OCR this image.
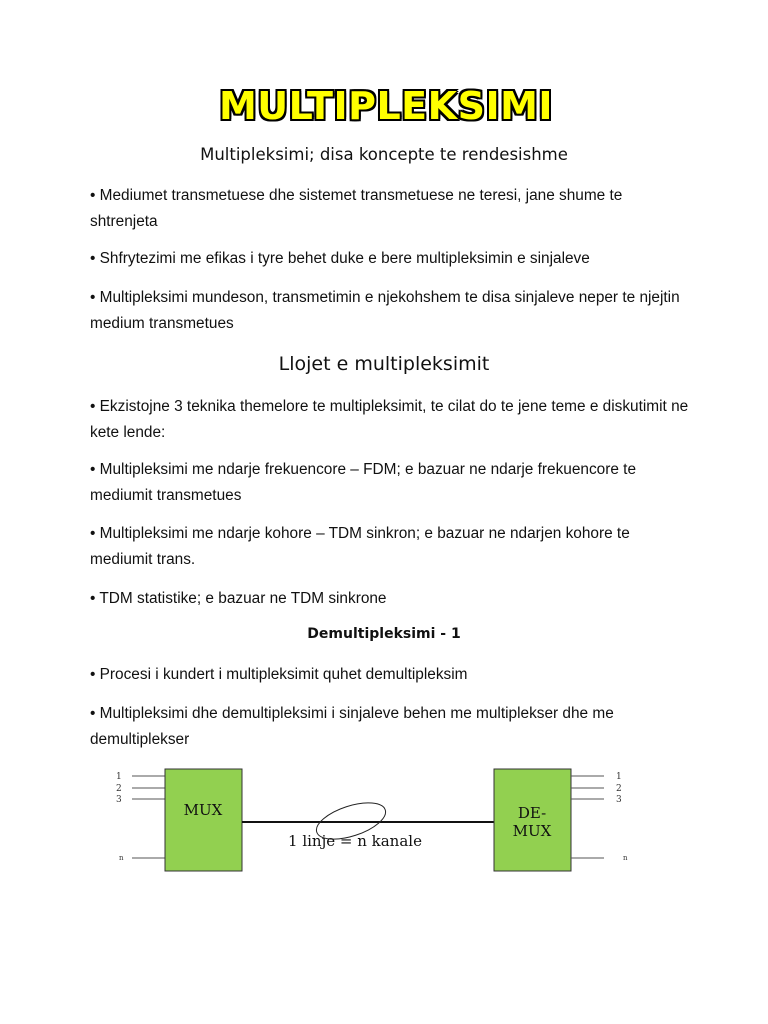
MULTIPLEKSIMI
Multipleksimi; disa koncepte te rendesishme
• Mediumet transmetuese dhe sistemet transmetuese ne teresi, jane shume te shtrenjeta
• Shfrytezimi me efikas i tyre behet duke e bere multipleksimin e sinjaleve
• Multipleksimi mundeson, transmetimin e njekohshem te disa sinjaleve neper te njejtin medium transmetues
Llojet e multipleksimit
• Ekzistojne 3 teknika themelore te multipleksimit, te cilat do te jene teme e diskutimit ne kete lende:
• Multipleksimi me ndarje frekuencore – FDM; e bazuar ne ndarje frekuencore te mediumit transmetues
• Multipleksimi me ndarje kohore – TDM sinkron; e bazuar ne ndarjen kohore te mediumit trans.
• TDM statistike; e bazuar ne TDM sinkrone
Demultipleksimi - 1
• Procesi i kundert i multipleksimit quhet demultipleksim
• Multipleksimi dhe demultipleksimi i sinjaleve behen me multiplekser dhe me demultiplekser
1
2
3
n
MUX
1 linje = n kanale
DE-
MUX
1
2
3
n
